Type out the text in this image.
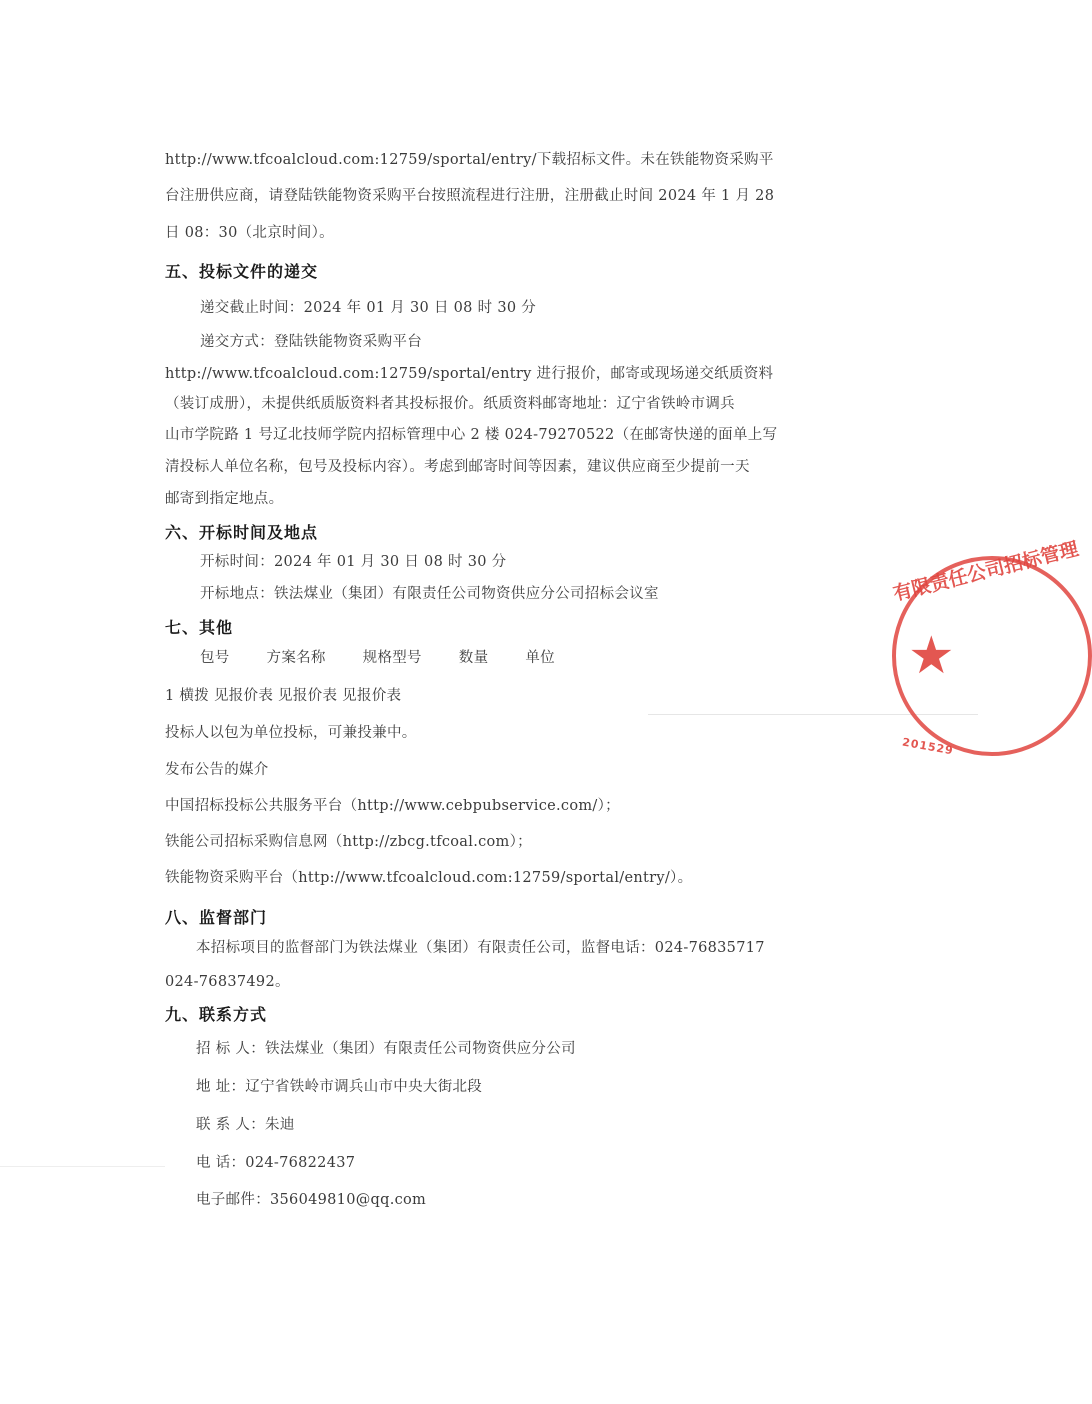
http://www.tfcoalcloud.com:12759/sportal/entry/下载招标文件。未在铁能物资采购平
台注册供应商，请登陆铁能物资采购平台按照流程进行注册，注册截止时间 2024 年 1 月 28
日 08：30（北京时间）。
五、投标文件的递交
递交截止时间：2024 年 01 月 30 日 08 时 30 分
递交方式：登陆铁能物资采购平台
http://www.tfcoalcloud.com:12759/sportal/entry 进行报价，邮寄或现场递交纸质资料
（装订成册），未提供纸质版资料者其投标报价。纸质资料邮寄地址：辽宁省铁岭市调兵
山市学院路 1 号辽北技师学院内招标管理中心 2 楼 024-79270522（在邮寄快递的面单上写
清投标人单位名称，包号及投标内容）。考虑到邮寄时间等因素，建议供应商至少提前一天
邮寄到指定地点。
六、开标时间及地点
开标时间：2024 年 01 月 30 日 08 时 30 分
开标地点：铁法煤业（集团）有限责任公司物资供应分公司招标会议室
七、其他
包号	方案名称	规格型号	数量	单位
1 横拨 见报价表 见报价表 见报价表
投标人以包为单位投标，可兼投兼中。
发布公告的媒介
中国招标投标公共服务平台（http://www.cebpubservice.com/）；
铁能公司招标采购信息网（http://zbcg.tfcoal.com）；
铁能物资采购平台（http://www.tfcoalcloud.com:12759/sportal/entry/）。
八、监督部门
本招标项目的监督部门为铁法煤业（集团）有限责任公司，监督电话：024-76835717
024-76837492。
九、联系方式
招 标 人：铁法煤业（集团）有限责任公司物资供应分公司
地 址：辽宁省铁岭市调兵山市中央大街北段
联 系 人：朱迪
电 话：024-76822437
电子邮件：356049810@qq.com
★
有限责任公司招标管理
201529
